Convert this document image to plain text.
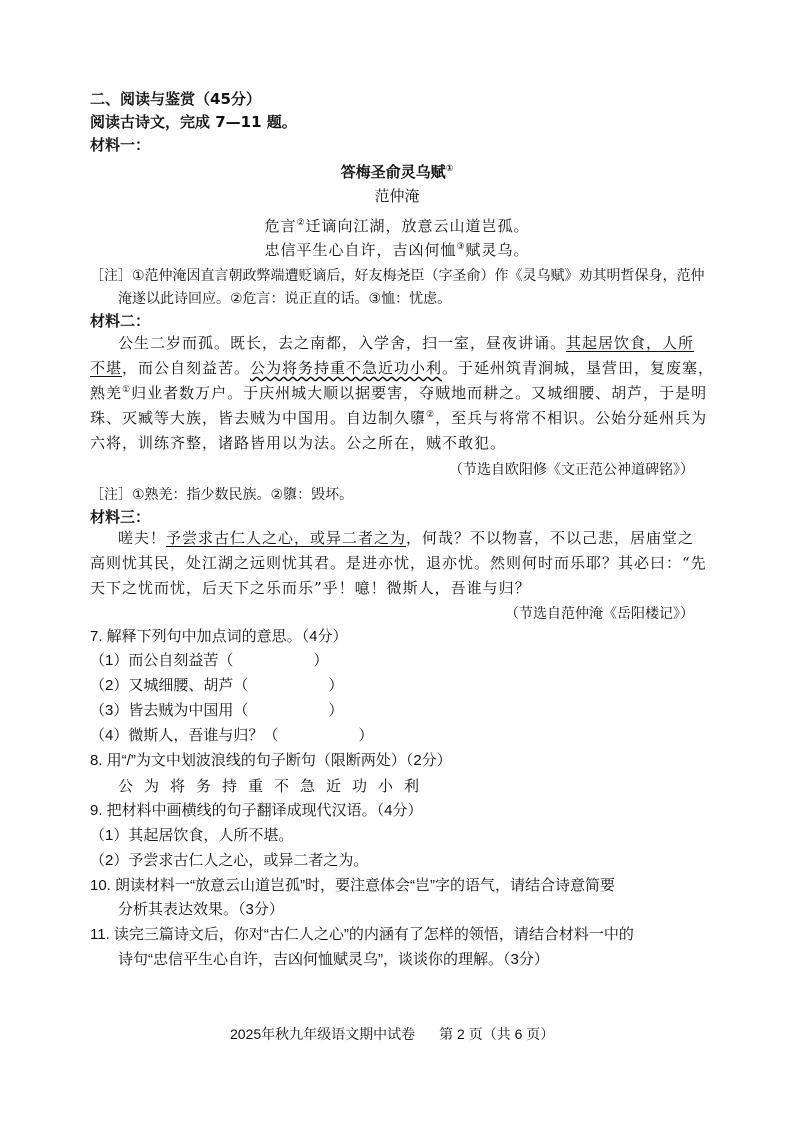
二、阅读与鉴赏（45分）
阅读古诗文，完成 7—11 题。
材料一：
答梅圣俞灵乌赋①
范仲淹
危言②迁谪向江湖，放意云山道岂孤。
忠信平生心自许，吉凶何恤③赋灵乌。
［注］①范仲淹因直言朝政弊端遭贬谪后，好友梅尧臣（字圣俞）作《灵乌赋》劝其明哲保身，范仲
淹遂以此诗回应。②危言：说正直的话。③恤：忧虑。
材料二：
公生二岁而孤。既长，去之南都，入学舍，扫一室，昼夜讲诵。其起居饮食，人所
不堪，而公自刻益苦。公为将务持重不急近功小利。于延州筑青涧城，垦营田，复废塞，
熟羌①归业者数万户。于庆州城大顺以据要害，夺贼地而耕之。又城细腰、胡芦，于是明
珠、灭臧等大族，皆去贼为中国用。自边制久隳②，至兵与将常不相识。公始分延州兵为
六将，训练齐整，诸路皆用以为法。公之所在，贼不敢犯。
（节选自欧阳修《文正范公神道碑铭》）
［注］①熟羌：指少数民族。②隳：毁坏。
材料三：
嗟夫！予尝求古仁人之心，或异二者之为，何哉？不以物喜，不以己悲，居庙堂之
高则忧其民，处江湖之远则忧其君。是进亦忧，退亦忧。然则何时而乐耶？其必曰：“先
天下之忧而忧，后天下之乐而乐”乎！噫！微斯人，吾谁与归？
（节选自范仲淹《岳阳楼记》）
7. 解释下列句中加点词的意思。（4分）
（1）而公自刻益苦（	）
（2）又城细腰、胡芦（	）
（3）皆去贼为中国用（	）
（4）微斯人，吾谁与归？（	）
8. 用“/”为文中划波浪线的句子断句（限断两处）（2分）
公为将务持重不急近功小利
9. 把材料中画横线的句子翻译成现代汉语。（4分）
（1）其起居饮食，人所不堪。
（2）予尝求古仁人之心，或异二者之为。
10. 朗读材料一“放意云山道岂孤”时，要注意体会“岂”字的语气，请结合诗意简要
分析其表达效果。（3分）
11. 读完三篇诗文后，你对“古仁人之心”的内涵有了怎样的领悟，请结合材料一中的
诗句“忠信平生心自许，吉凶何恤赋灵乌”，谈谈你的理解。（3分）
2025年秋九年级语文期中试卷 第 2 页（共 6 页）
